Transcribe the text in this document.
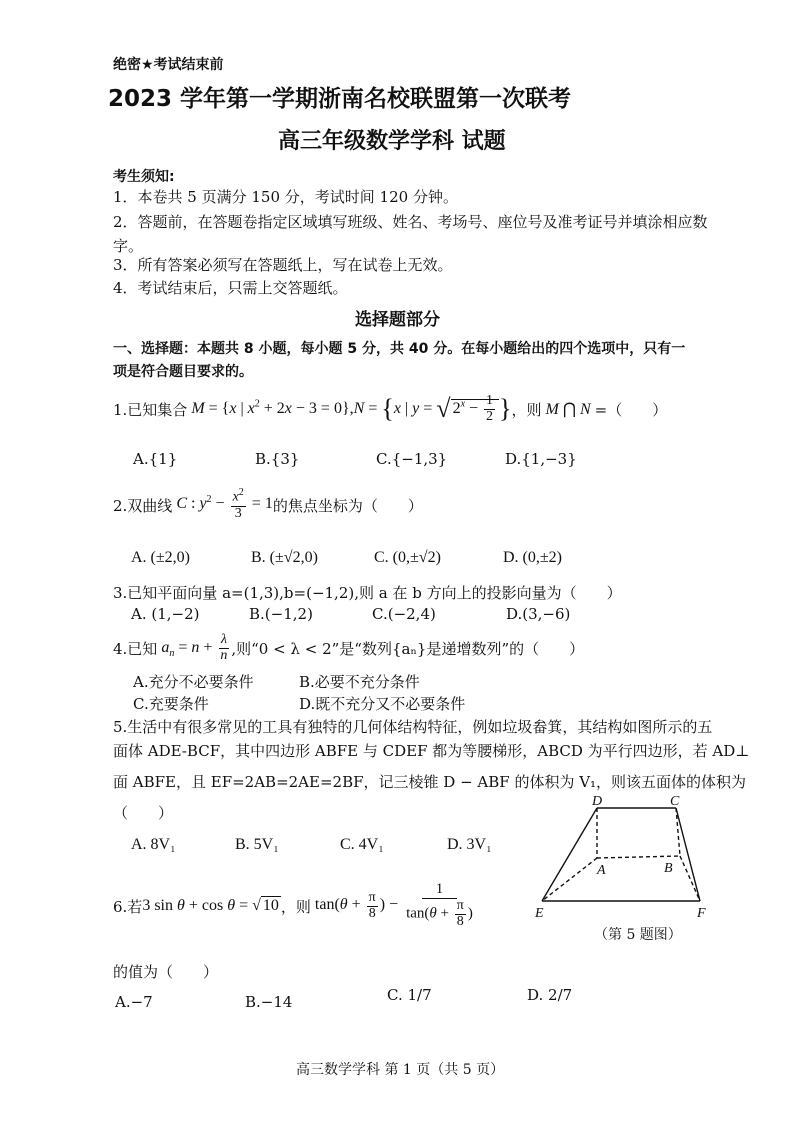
绝密★考试结束前
2023 学年第一学期浙南名校联盟第一次联考
高三年级数学学科 试题
考生须知:
1．本卷共 5 页满分 150 分，考试时间 120 分钟。
2．答题前，在答题卷指定区域填写班级、姓名、考场号、座位号及准考证号并填涂相应数
字。
3．所有答案必须写在答题纸上，写在试卷上无效。
4．考试结束后，只需上交答题纸。
选择题部分
一、选择题：本题共 8 小题，每小题 5 分，共 40 分。在每小题给出的四个选项中，只有一
项是符合题目要求的。
1.已知集合 M = {x | $x^2 + 2x - 3 = 0\},N = \{x$ | y = √ $2^x - \frac{1}{2}$ } ，则 M ⋂ N =（　　）
A.{1}	B.{3}	C.{−1,3}	D.{1,−3}
2.双曲线 C : $y^2 - \frac{x^2}{3} = 1$ 的焦点坐标为（　　）
A. (±2,0)	B. (±√2,0)	C. (0,±√2)	D. (0,±2)
3.已知平面向量 a=(1,3),b=(−1,2),则 a 在 b 方向上的投影向量为（　　）
A. (1,−2)	B.(−1,2)	C.(−2,4)	D.(3,−6)
4.已知 $a_n = n + \frac{\lambda}{n}$ ,则“0 < λ < 2”是“数列{aₙ}是递增数列”的（　　）
A.充分不必要条件	B.必要不充分条件
C.充要条件	D.既不充分又不必要条件
5.生活中有很多常见的工具有独特的几何体结构特征，例如垃圾畚箕，其结构如图所示的五
面体 ADE-BCF，其中四边形 ABFE 与 CDEF 都为等腰梯形，ABCD 为平行四边形，若 AD⊥
面 ABFE，且 EF=2AB=2AE=2BF，记三棱锥 D − ABF 的体积为 V₁，则该五面体的体积为
（　　）
A. 8V₁	B. 5V₁	C. 4V₁	D. 3V₁
D	C
A	B
E	F
（第 5 题图）
6.若 3 sin θ + cos θ = √ 10 ，则 $\tan(\theta + \frac{\pi}{8}$ ) − $\frac{1}{\tan(\theta + \frac{\pi}{8} )}$
的值为（　　）
A.−7	B.−14	C. 1/7	D. 2/7
高三数学学科 第 1 页（共 5 页）
